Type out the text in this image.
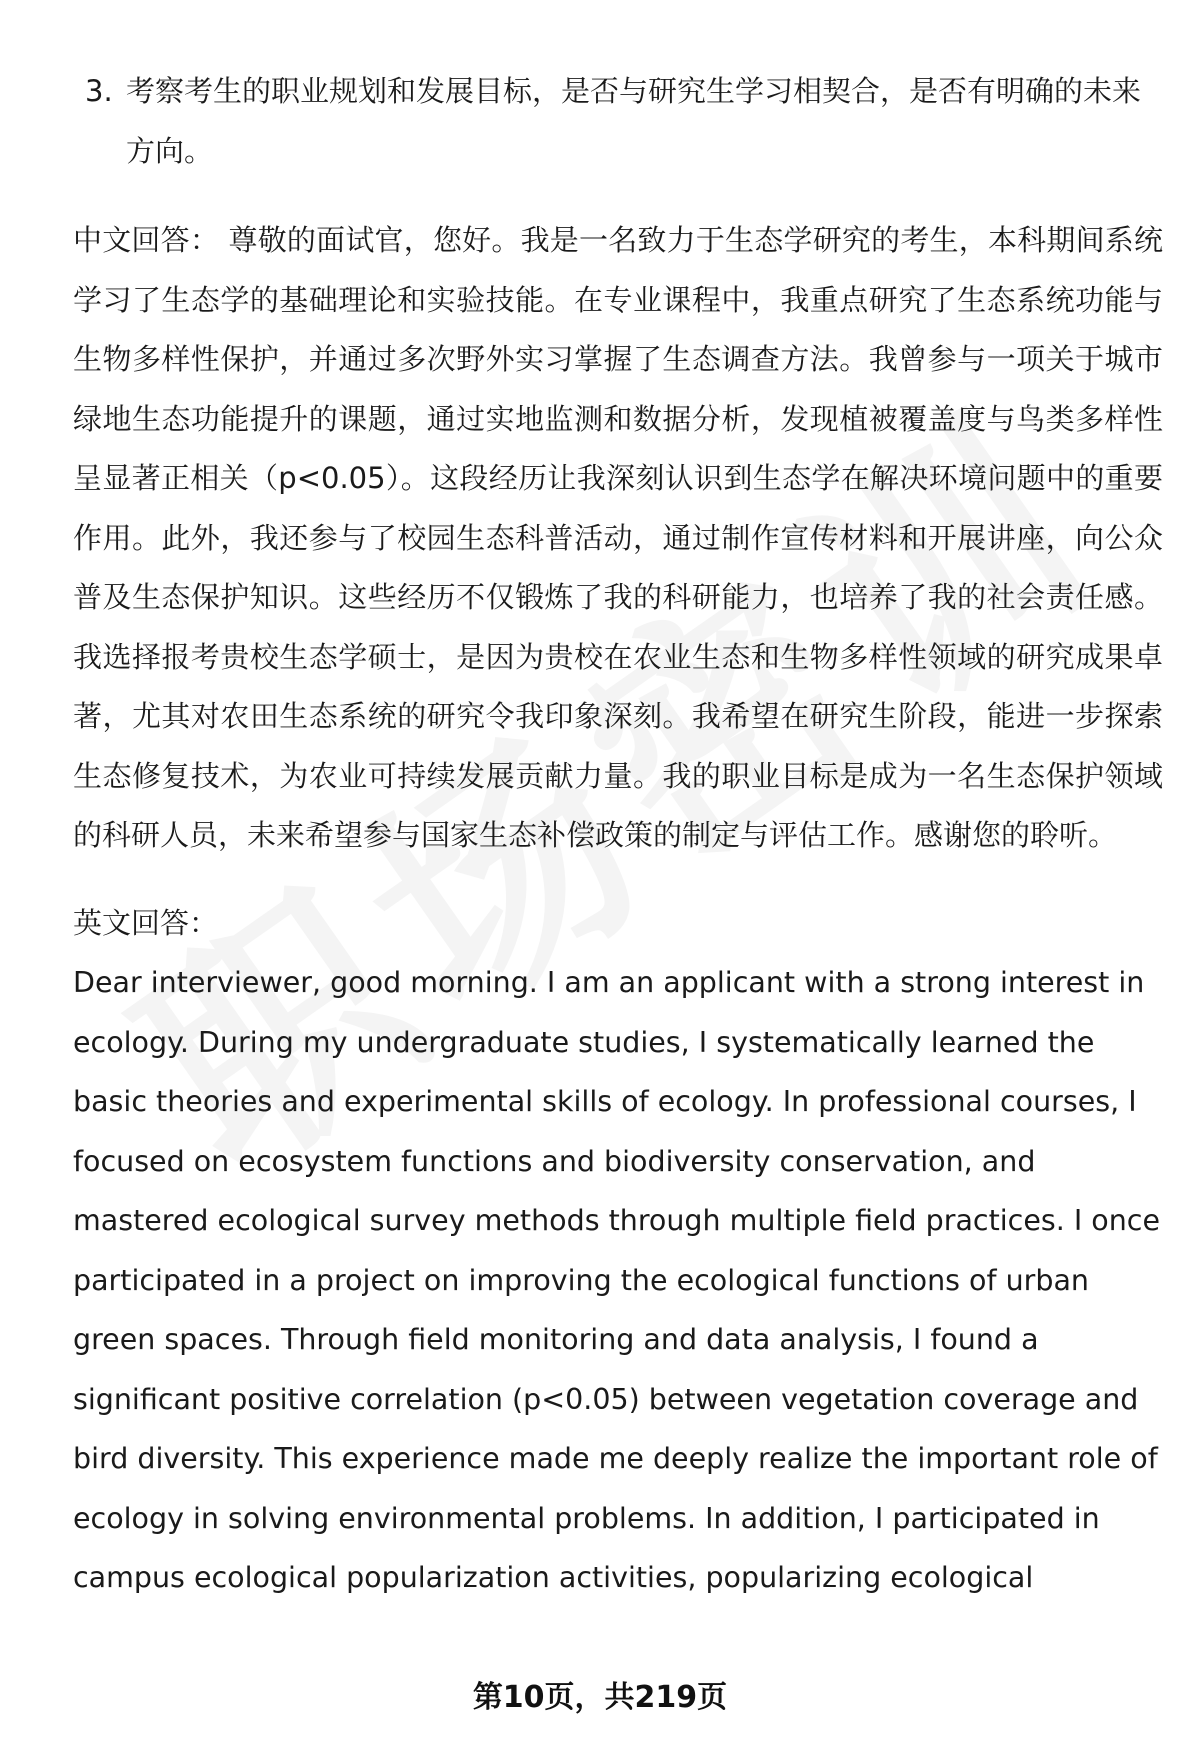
3. 考察考生的职业规划和发展目标，是否与研究生学习相契合，是否有明确的未来方向。

中文回答： 尊敬的面试官，您好。我是一名致力于生态学研究的考生，本科期间系统学习了生态学的基础理论和实验技能。在专业课程中，我重点研究了生态系统功能与生物多样性保护，并通过多次野外实习掌握了生态调查方法。我曾参与一项关于城市绿地生态功能提升的课题，通过实地监测和数据分析，发现植被覆盖度与鸟类多样性呈显著正相关（p<0.05）。这段经历让我深刻认识到生态学在解决环境问题中的重要作用。此外，我还参与了校园生态科普活动，通过制作宣传材料和开展讲座，向公众普及生态保护知识。这些经历不仅锻炼了我的科研能力，也培养了我的社会责任感。我选择报考贵校生态学硕士，是因为贵校在农业生态和生物多样性领域的研究成果卓著，尤其对农田生态系统的研究令我印象深刻。我希望在研究生阶段，能进一步探索生态修复技术，为农业可持续发展贡献力量。我的职业目标是成为一名生态保护领域的科研人员，未来希望参与国家生态补偿政策的制定与评估工作。感谢您的聆听。

英文回答：

Dear interviewer, good morning. I am an applicant with a strong interest in ecology. During my undergraduate studies, I systematically learned the basic theories and experimental skills of ecology. In professional courses, I focused on ecosystem functions and biodiversity conservation, and mastered ecological survey methods through multiple field practices. I once participated in a project on improving the ecological functions of urban green spaces. Through field monitoring and data analysis, I found a significant positive correlation (p<0.05) between vegetation coverage and bird diversity. This experience made me deeply realize the important role of ecology in solving environmental problems. In addition, I participated in campus ecological popularization activities, popularizing ecological

第10页，共219页
